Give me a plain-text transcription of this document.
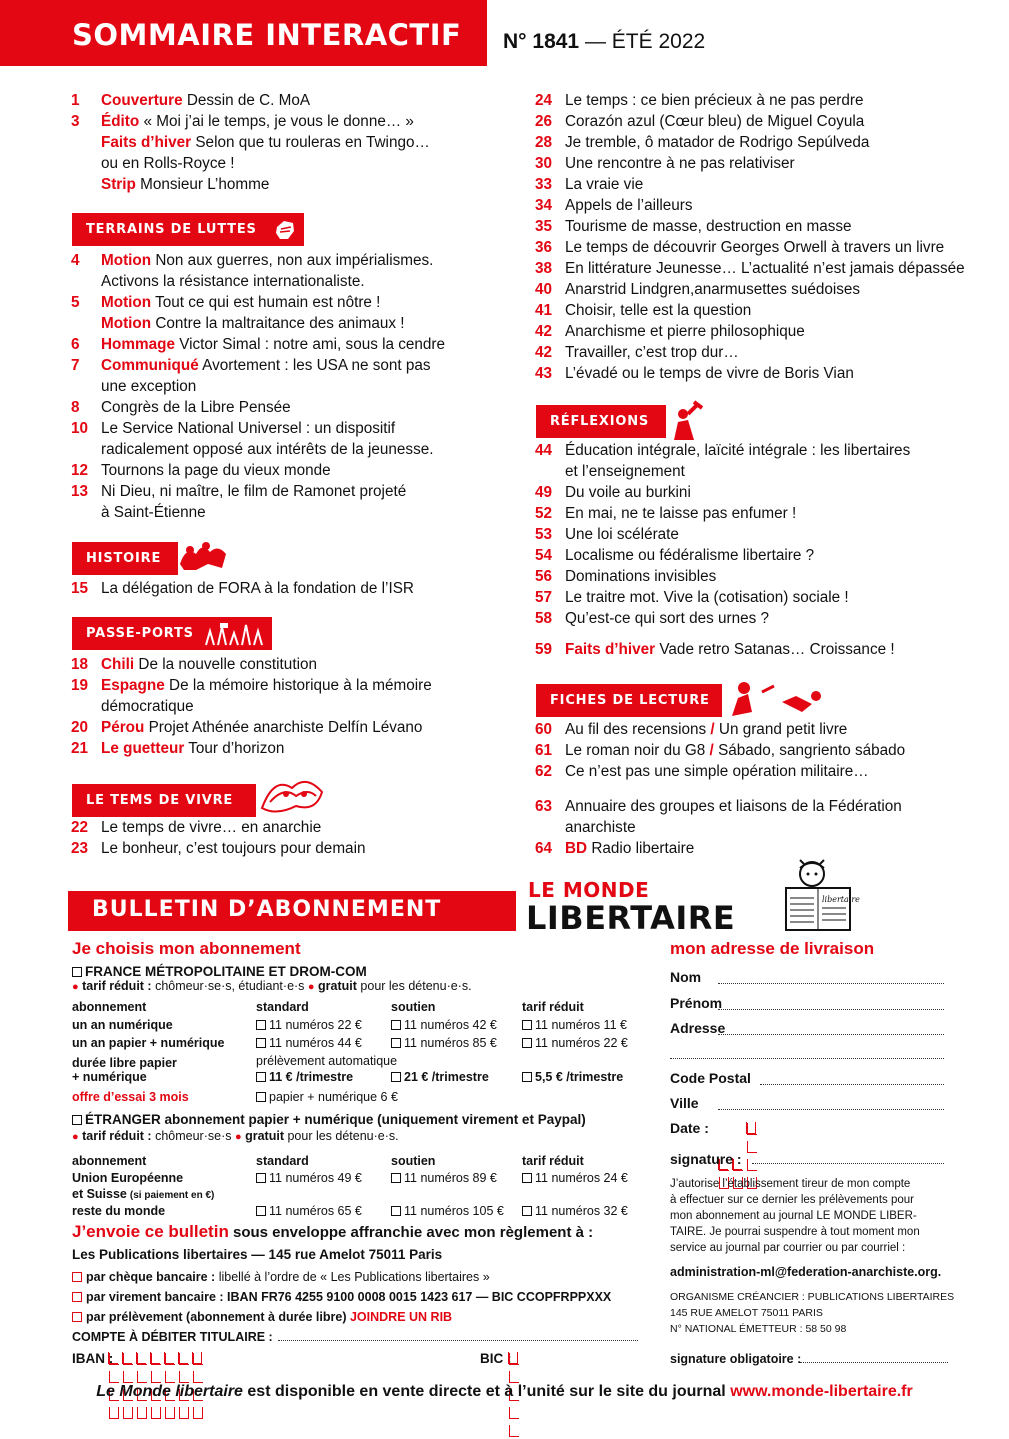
SOMMAIRE INTERACTIF N° 1841 — ÉTÉ 2022
1	Couverture Dessin de C. MoA
3	Édito « Moi j’ai le temps, je vous le donne… »
Faits d’hiver Selon que tu rouleras en Twingo…
ou en Rolls-Royce !
Strip Monsieur L’homme
TERRAINS DE LUTTES
4	Motion Non aux guerres, non aux impérialismes.
Activons la résistance internationaliste.
5	Motion Tout ce qui est humain est nôtre !
Motion Contre la maltraitance des animaux !
6	Hommage Victor Simal : notre ami, sous la cendre
7	Communiqué Avortement : les USA ne sont pas
une exception
8	Congrès de la Libre Pensée
10 Le Service National Universel : un dispositif
radicalement opposé aux intérêts de la jeunesse.
12 Tournons la page du vieux monde
13 Ni Dieu, ni maître, le film de Ramonet projeté
à Saint-Étienne
HISTOIRE
15 La délégation de FORA à la fondation de l’ISR
PASSE-PORTS
18 Chili De la nouvelle constitution
19 Espagne De la mémoire historique à la mémoire
démocratique
20 Pérou Projet Athénée anarchiste Delfín Lévano
21 Le guetteur Tour d’horizon
LE TEMS DE VIVRE
22 Le temps de vivre… en anarchie
23 Le bonheur, c’est toujours pour demain
24 Le temps : ce bien précieux à ne pas perdre
26 Corazón azul (Cœur bleu) de Miguel Coyula
28 Je tremble, ô matador de Rodrigo Sepúlveda
30 Une rencontre à ne pas relativiser
33 La vraie vie
34 Appels de l’ailleurs
35 Tourisme de masse, destruction en masse
36 Le temps de découvrir Georges Orwell à travers un livre
38 En littérature Jeunesse… L’actualité n’est jamais dépassée
40 Anarstrid Lindgren,anarmusettes suédoises
41 Choisir, telle est la question
42 Anarchisme et pierre philosophique
42 Travailler, c’est trop dur…
43 L’évadé ou le temps de vivre de Boris Vian
RÉFLEXIONS
44 Éducation intégrale, laïcité intégrale : les libertaires
et l’enseignement
49 Du voile au burkini
52 En mai, ne te laisse pas enfumer !
53 Une loi scélérate
54 Localisme ou fédéralisme libertaire ?
56 Dominations invisibles
57 Le traitre mot. Vive la (cotisation) sociale !
58 Qu’est-ce qui sort des urnes ?
59 Faits d’hiver Vade retro Satanas… Croissance !
FICHES DE LECTURE
60 Au fil des recensions / Un grand petit livre
61 Le roman noir du G8 / Sábado, sangriento sábado
62 Ce n’est pas une simple opération militaire…
63 Annuaire des groupes et liaisons de la Fédération
anarchiste
64 BD Radio libertaire
BULLETIN D’ABONNEMENT
LE MONDE
LIBERTAIRE	libertaire
Je choisis mon abonnement
FRANCE MÉTROPOLITAINE ET DROM-COM
● tarif réduit : chômeur·se·s, étudiant·e·s ● gratuit pour les détenu·e·s.
abonnement	standard	soutien	tarif réduit
un an numérique	11 numéros 22 €	11 numéros 42 €	11 numéros 11 €
un an papier + numérique	11 numéros 44 €	11 numéros 85 €	11 numéros 22 €
prélèvement automatique
durée libre papier
+ numérique	11 € /trimestre	21 € /trimestre	5,5 € /trimestre
offre d’essai 3 mois	papier + numérique 6 €
ÉTRANGER abonnement papier + numérique (uniquement virement et Paypal)
● tarif réduit : chômeur·se·s ● gratuit pour les détenu·e·s.
abonnement	standard	soutien	tarif réduit
Union Européenne	11 numéros 49 €	11 numéros 89 €	11 numéros 24 €
reste du monde	11 numéros 65 €	11 numéros 105 €	11 numéros 32 €
et Suisse (si paiement en €)
J’envoie ce bulletin sous enveloppe affranchie avec mon règlement à :
Les Publications libertaires — 145 rue Amelot 75011 Paris
par chèque bancaire : libellé à l’ordre de « Les Publications libertaires »
par virement bancaire : IBAN FR76 4255 9100 0008 0015 1423 617 — BIC CCOPFRPPXXX
par prélèvement (abonnement à durée libre) JOINDRE UN RIB
COMPTE À DÉBITER TITULAIRE :
IBAN :	BIC :
mon adresse de livraison
Nom
Prénom
Adresse
Code Postal
Ville
Date :
signature :
J’autorise l’établissement tireur de mon compte
à effectuer sur ce dernier les prélèvements pour
mon abonnement au journal LE MONDE LIBER-
TAIRE. Je pourrai suspendre à tout moment mon
service au journal par courrier ou par courriel :
administration-ml@federation-anarchiste.org.
ORGANISME CRÉANCIER : PUBLICATIONS LIBERTAIRES
145 RUE AMELOT 75011 PARIS
N° NATIONAL ÉMETTEUR : 58 50 98
signature obligatoire :
Le Monde libertaire est disponible en vente directe et à l’unité sur le site du journal www.monde-libertaire.fr
